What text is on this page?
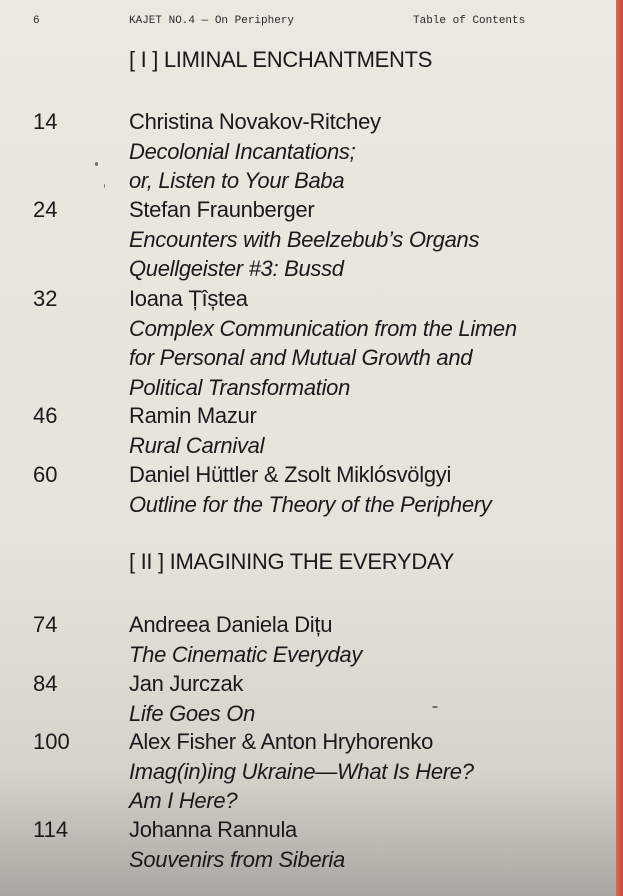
6	KAJET NO.4 — On Periphery	Table of Contents
[ I ] LIMINAL ENCHANTMENTS
14	Christina Novakov-Ritchey
Decolonial Incantations;
or, Listen to Your Baba
24	Stefan Fraunberger
Encounters with Beelzebub’s Organs
Quellgeister #3: Bussd
32	Ioana Țîștea
Complex Communication from the Limen
for Personal and Mutual Growth and
Political Transformation
46	Ramin Mazur
Rural Carnival
60	Daniel Hüttler & Zsolt Miklósvölgyi
Outline for the Theory of the Periphery
[ II ] IMAGINING THE EVERYDAY
74	Andreea Daniela Dițu
The Cinematic Everyday
84	Jan Jurczak
Life Goes On
100	Alex Fisher & Anton Hryhorenko
Imag(in)ing Ukraine—What Is Here?
Am I Here?
114	Johanna Rannula
Souvenirs from Siberia
